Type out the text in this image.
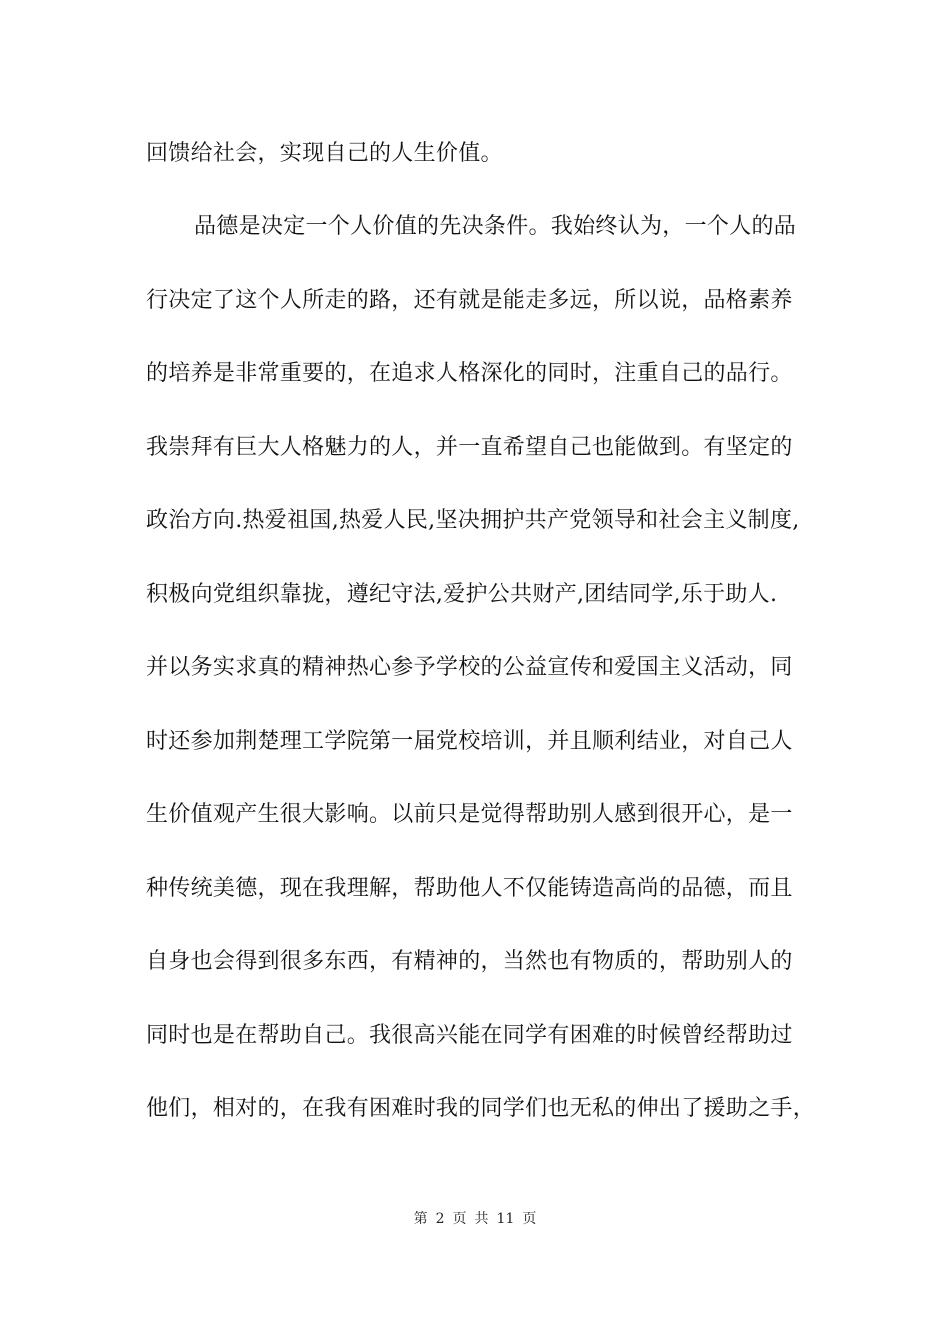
回馈给社会，实现自己的人生价值。
品德是决定一个人价值的先决条件。我始终认为，一个人的品
行决定了这个人所走的路，还有就是能走多远，所以说，品格素养
的培养是非常重要的，在追求人格深化的同时，注重自己的品行。
我崇拜有巨大人格魅力的人，并一直希望自己也能做到。有坚定的
政治方向.热爱祖国,热爱人民,坚决拥护共产党领导和社会主义制度,
积极向党组织靠拢，遵纪守法,爱护公共财产,团结同学,乐于助人.
并以务实求真的精神热心参予学校的公益宣传和爱国主义活动，同
时还参加荆楚理工学院第一届党校培训，并且顺利结业，对自己人
生价值观产生很大影响。以前只是觉得帮助别人感到很开心，是一
种传统美德，现在我理解，帮助他人不仅能铸造高尚的品德，而且
自身也会得到很多东西，有精神的，当然也有物质的，帮助别人的
同时也是在帮助自己。我很高兴能在同学有困难的时候曾经帮助过
他们，相对的，在我有困难时我的同学们也无私的伸出了援助之手，
第 2 页 共 11 页
